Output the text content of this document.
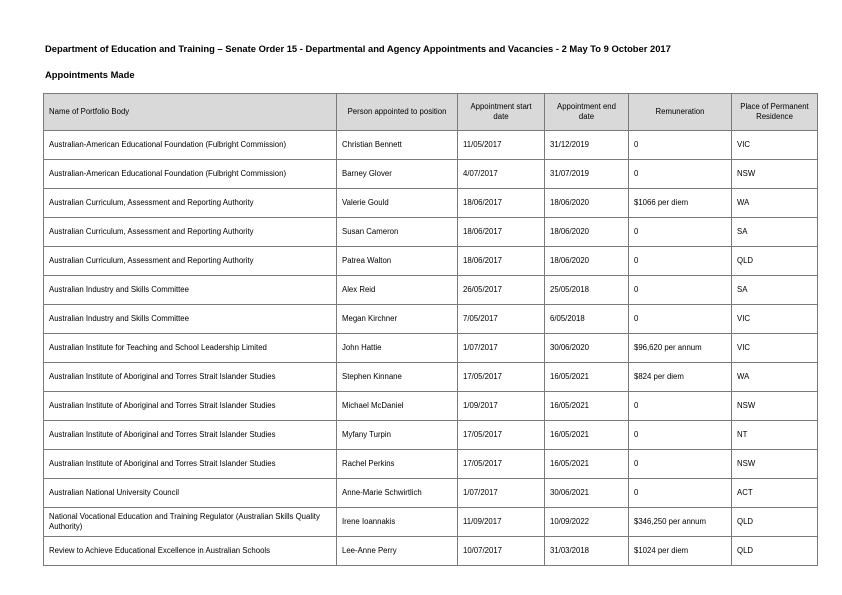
Department of Education and Training – Senate Order 15 - Departmental and Agency Appointments and Vacancies - 2 May To 9 October 2017
Appointments Made
Name of Portfolio Body	Person appointed to position	Appointment start date	Appointment end date	Remuneration	Place of Permanent Residence
Australian-American Educational Foundation (Fulbright Commission)	Christian Bennett	11/05/2017	31/12/2019	0	VIC
Australian-American Educational Foundation (Fulbright Commission)	Barney Glover	4/07/2017	31/07/2019	0	NSW
Australian Curriculum, Assessment and Reporting Authority	Valerie Gould	18/06/2017	18/06/2020	$1066 per diem	WA
Australian Curriculum, Assessment and Reporting Authority	Susan Cameron	18/06/2017	18/06/2020	0	SA
Australian Curriculum, Assessment and Reporting Authority	Patrea Walton	18/06/2017	18/06/2020	0	QLD
Australian Industry and Skills Committee	Alex Reid	26/05/2017	25/05/2018	0	SA
Australian Industry and Skills Committee	Megan Kirchner	7/05/2017	6/05/2018	0	VIC
Australian Institute for Teaching and School Leadership Limited	John Hattie	1/07/2017	30/06/2020	$96,620 per annum	VIC
Australian Institute of Aboriginal and Torres Strait Islander Studies	Stephen Kinnane	17/05/2017	16/05/2021	$824 per diem	WA
Australian Institute of Aboriginal and Torres Strait Islander Studies	Michael McDaniel	1/09/2017	16/05/2021	0	NSW
Australian Institute of Aboriginal and Torres Strait Islander Studies	Myfany Turpin	17/05/2017	16/05/2021	0	NT
Australian Institute of Aboriginal and Torres Strait Islander Studies	Rachel Perkins	17/05/2017	16/05/2021	0	NSW
Australian National University Council	Anne-Marie Schwirtlich	1/07/2017	30/06/2021	0	ACT
National Vocational Education and Training Regulator (Australian Skills Quality Authority)	Irene Ioannakis	11/09/2017	10/09/2022	$346,250 per annum	QLD
Review to Achieve Educational Excellence in Australian Schools	Lee-Anne Perry	10/07/2017	31/03/2018	$1024 per diem	QLD
